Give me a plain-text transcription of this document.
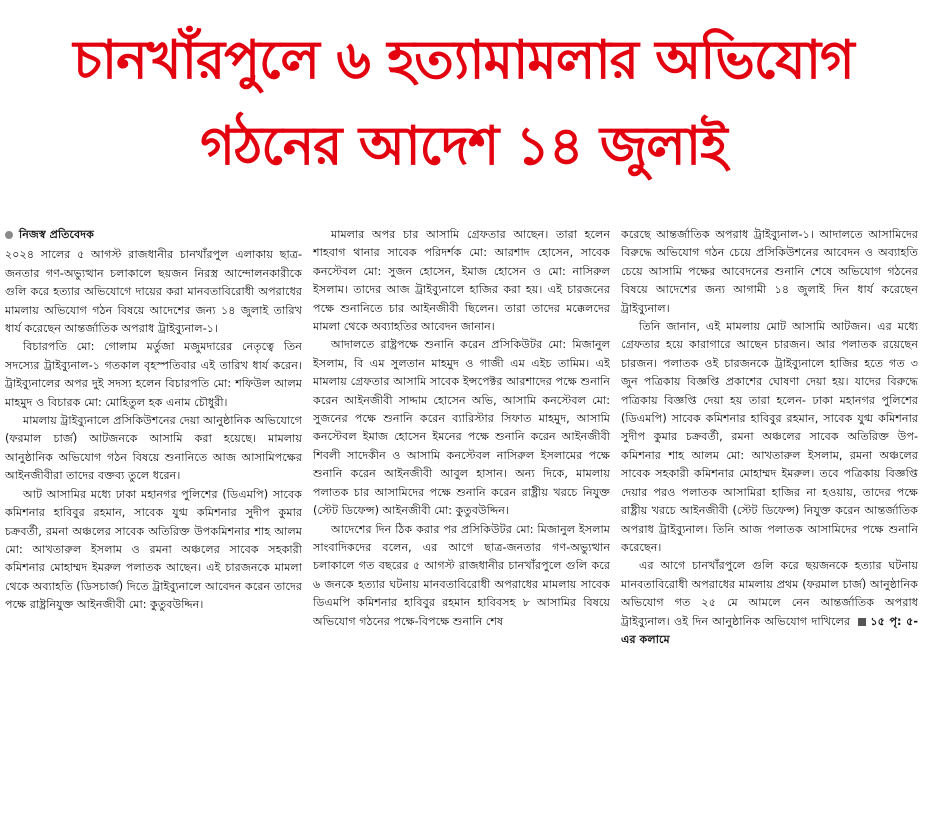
চানখাঁরপুলে ৬ হত্যামামলার অভিযোগ
গঠনের আদেশ ১৪ জুলাই
নিজস্ব প্রতিবেদক

২০২৪ সালের ৫ আগস্ট রাজধানীর চানখাঁরপুল এলাকায় ছাত্র-জনতার গণ-অভ্যুত্থান চলাকালে ছয়জন নিরস্ত্র আন্দোলনকারীকে গুলি করে হত্যার অভিযোগে দায়ের করা মানবতাবিরোধী অপরাধের মামলায় অভিযোগ গঠন বিষয়ে আদেশের জন্য ১৪ জুলাই তারিখ ধার্য করেছেন আন্তর্জাতিক অপরাধ ট্রাইব্যুনাল-১।

বিচারপতি মো: গোলাম মর্তুজা মজুমদারের নেতৃত্বে তিন সদস্যের ট্রাইব্যুনাল-১ গতকাল বৃহস্পতিবার এই তারিখ ধার্য করেন। ট্রাইব্যুনালের অপর দুই সদস্য হলেন বিচারপতি মো: শফিউল আলম মাহমুদ ও বিচারক মো: মোহিতুল হক এনাম চৌধুরী।

মামলায় ট্রাইব্যুনালে প্রসিকিউশনের দেয়া আনুষ্ঠানিক অভিযোগে (ফরমাল চার্জ) আটজনকে আসামি করা হয়েছে। মামলায় আনুষ্ঠানিক অভিযোগ গঠন বিষয়ে শুনানিতে আজ আসামিপক্ষের আইনজীবীরা তাদের বক্তব্য তুলে ধরেন।

আট আসামির মধ্যে ঢাকা মহানগর পুলিশের (ডিএমপি) সাবেক কমিশনার হাবিবুর রহমান, সাবেক যুগ্ম কমিশনার সুদীপ কুমার চক্রবর্তী, রমনা অঞ্চলের সাবেক অতিরিক্ত উপকমিশনার শাহ আলম মো: আখতারুল ইসলাম ও রমনা অঞ্চলের সাবেক সহকারী কমিশনার মোহাম্মদ ইমরুল পলাতক আছেন। এই চারজনকে মামলা থেকে অব্যাহতি (ডিসচার্জ) দিতে ট্রাইব্যুনালে আবেদন করেন তাদের পক্ষে রাষ্ট্রনিযুক্ত আইনজীবী মো: কুতুবউদ্দিন।

মামলার অপর চার আসামি গ্রেফতার আছেন। তারা হলেন শাহবাগ থানার সাবেক পরিদর্শক মো: আরশাদ হোসেন, সাবেক কনস্টেবল মো: সুজন হোসেন, ইমাজ হোসেন ও মো: নাসিরুল ইসলাম। তাদের আজ ট্রাইব্যুনালে হাজির করা হয়। এই চারজনের পক্ষে শুনানিতে চার আইনজীবী ছিলেন। তারা তাদের মক্কেলদের মামলা থেকে অব্যাহতির আবেদন জানান।

আদালতে রাষ্ট্রপক্ষে শুনানি করেন প্রসিকিউটর মো: মিজানুল ইসলাম, বি এম সুলতান মাহমুদ ও গাজী এম এইচ তামিম। এই মামলায় গ্রেফতার আসামি সাবেক ইন্সপেক্টর আরশাদের পক্ষে শুনানি করেন আইনজীবী সাদ্দাম হোসেন অভি, আসামি কনস্টেবল মো: সুজনের পক্ষে শুনানি করেন ব্যারিস্টার সিফাত মাহমুদ, আসামি কনস্টেবল ইমাজ হোসেন ইমনের পক্ষে শুনানি করেন আইনজীবী শিবলী সাদেকীন ও আসামি কনস্টেবল নাসিরুল ইসলামের পক্ষে শুনানি করেন আইনজীবী আবুল হাসান। অন্য দিকে, মামলায় পলাতক চার আসামিদের পক্ষে শুনানি করেন রাষ্ট্রীয় খরচে নিযুক্ত (স্টেট ডিফেন্স) আইনজীবী মো: কুতুবউদ্দিন।

আদেশের দিন ঠিক করার পর প্রসিকিউটর মো: মিজানুল ইসলাম সাংবাদিকদের বলেন, এর আগে ছাত্র-জনতার গণ-অভ্যুত্থান চলাকালে গত বছরের ৫ আগস্ট রাজধানীর চানখাঁরপুলে গুলি করে ৬ জনকে হত্যার ঘটনায় মানবতাবিরোধী অপরাধের মামলায় সাবেক ডিএমপি কমিশনার হাবিবুর রহমান হাবিবসহ ৮ আসামির বিষয়ে অভিযোগ গঠনের পক্ষে-বিপক্ষে শুনানি শেষ

করেছে আন্তর্জাতিক অপরাধ ট্রাইব্যুনাল-১। আদালতে আসামিদের বিরুদ্ধে অভিযোগ গঠন চেয়ে প্রসিকিউশনের আবেদন ও অব্যাহতি চেয়ে আসামি পক্ষের আবেদনের শুনানি শেষে অভিযোগ গঠনের বিষয়ে আদেশের জন্য আগামী ১৪ জুলাই দিন ধার্য করেছেন ট্রাইব্যুনাল।

তিনি জানান, এই মামলায় মোট আসামি আটজন। এর মধ্যে গ্রেফতার হয়ে কারাগারে আছেন চারজন। আর পলাতক রয়েছেন চারজন। পলাতক ওই চারজনকে ট্রাইব্যুনালে হাজির হতে গত ৩ জুন পত্রিকায় বিজ্ঞপ্তি প্রকাশের ঘোষণা দেয়া হয়। যাদের বিরুদ্ধে পত্রিকায় বিজ্ঞপ্তি দেয়া হয় তারা হলেন- ঢাকা মহানগর পুলিশের (ডিএমপি) সাবেক কমিশনার হাবিবুর রহমান, সাবেক যুগ্ম কমিশনার সুদীপ কুমার চক্রবর্তী, রমনা অঞ্চলের সাবেক অতিরিক্ত উপ-কমিশনার শাহ আলম মো: আখতারুল ইসলাম, রমনা অঞ্চলের সাবেক সহকারী কমিশনার মোহাম্মদ ইমরুল। তবে পত্রিকায় বিজ্ঞপ্তি দেয়ার পরও পলাতক আসামিরা হাজির না হওয়ায়, তাদের পক্ষে রাষ্ট্রীয় খরচে আইনজীবী (স্টেট ডিফেন্স) নিযুক্ত করেন আন্তর্জাতিক অপরাধ ট্রাইব্যুনাল। তিনি আজ পলাতক আসামিদের পক্ষে শুনানি করেছেন।

এর আগে চানখাঁরপুলে গুলি করে ছয়জনকে হত্যার ঘটনায় মানবতাবিরোধী অপরাধের মামলায় প্রথম (ফরমাল চার্জ) আনুষ্ঠানিক অভিযোগ গত ২৫ মে আমলে নেন আন্তর্জাতিক অপরাধ ট্রাইব্যুনাল। ওই দিন আনুষ্ঠানিক অভিযোগ দাখিলের ১৫ পৃ: ৫-এর কলামে
